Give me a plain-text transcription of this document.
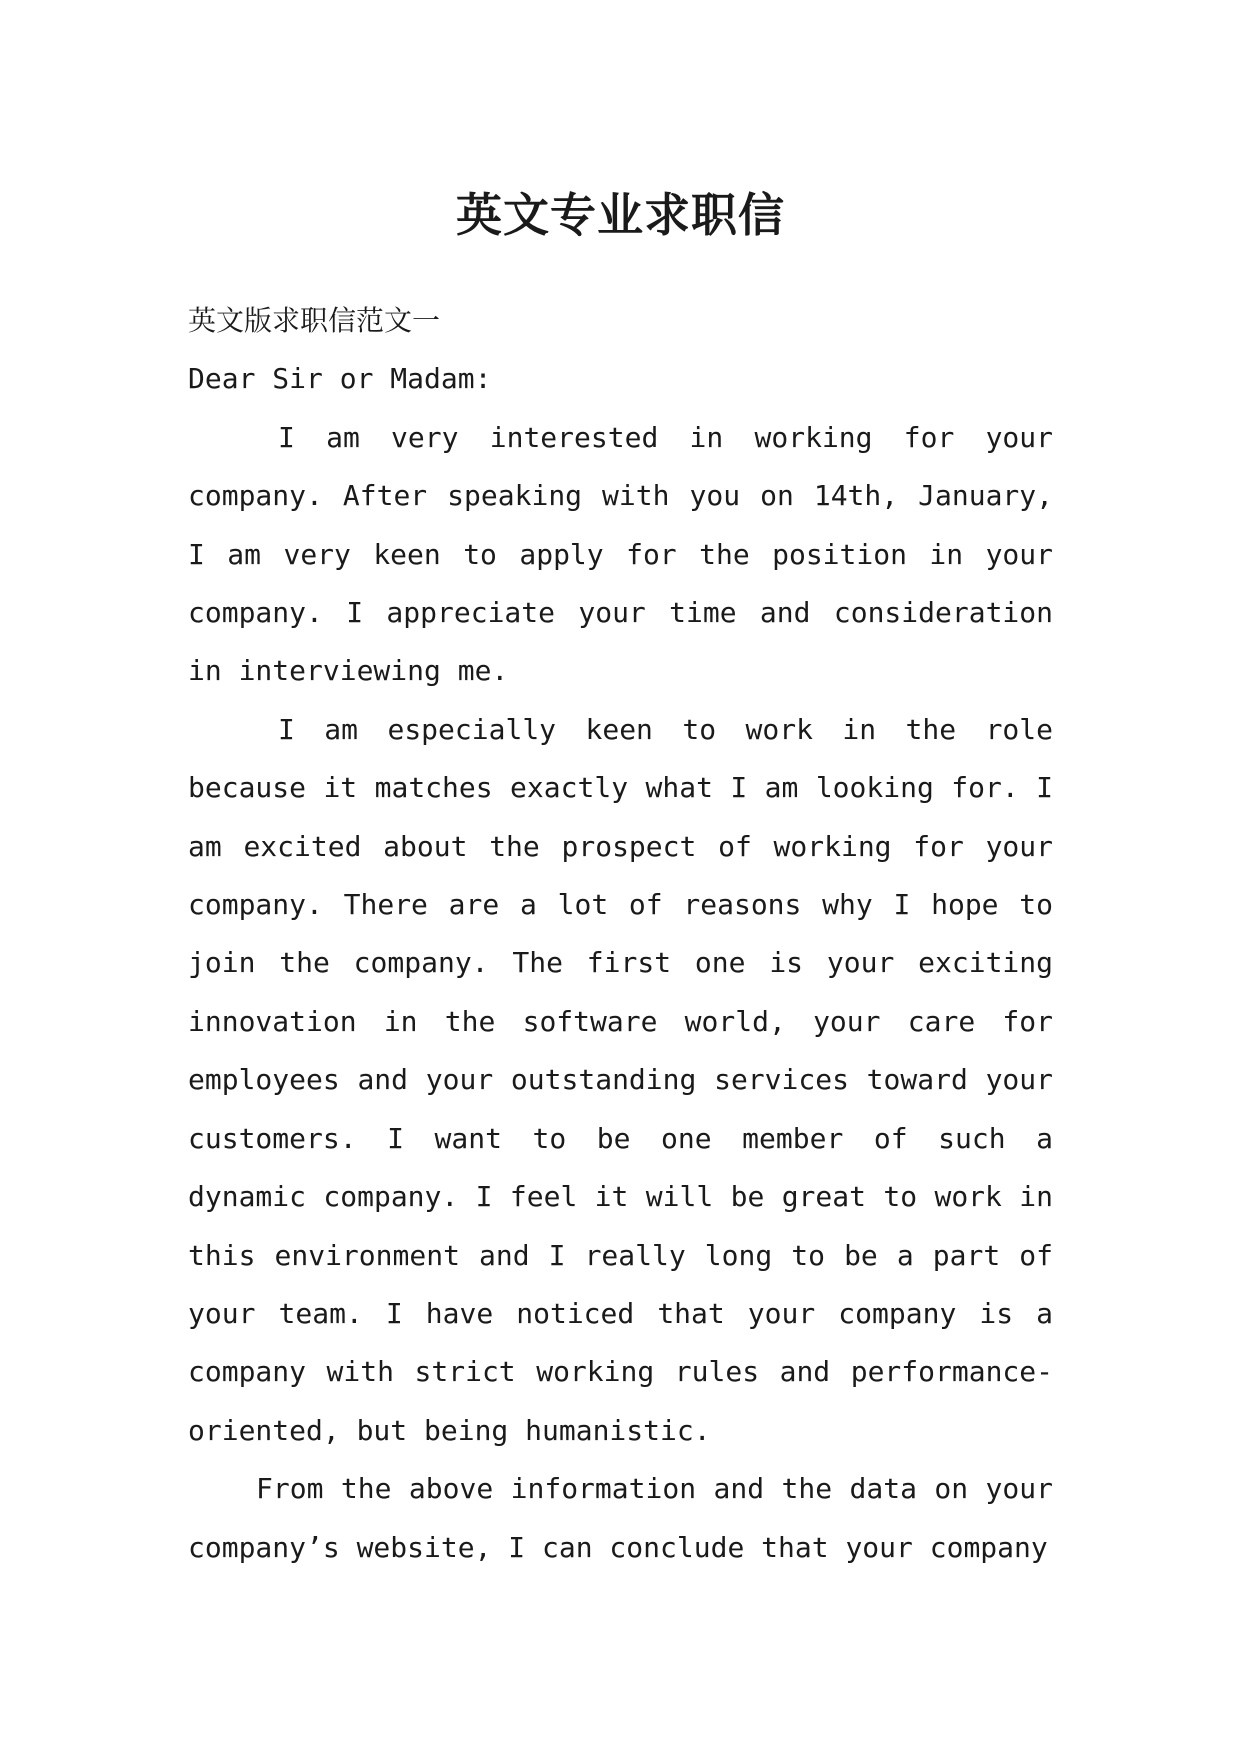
英文专业求职信

英文版求职信范文一

Dear Sir or Madam:

I am very interested in working for your company. After speaking with you on 14th, January, I am very keen to apply for the position in your company. I appreciate your time and consideration in interviewing me.

I am especially keen to work in the role because it matches exactly what I am looking for. I am excited about the prospect of working for your company. There are a lot of reasons why I hope to join the company. The first one is your exciting innovation in the software world, your care for employees and your outstanding services toward your customers. I want to be one member of such a dynamic company. I feel it will be great to work in this environment and I really long to be a part of your team. I have noticed that your company is a company with strict working rules and performance-oriented, but being humanistic.

From the above information and the data on your company’s website, I can conclude that your company
